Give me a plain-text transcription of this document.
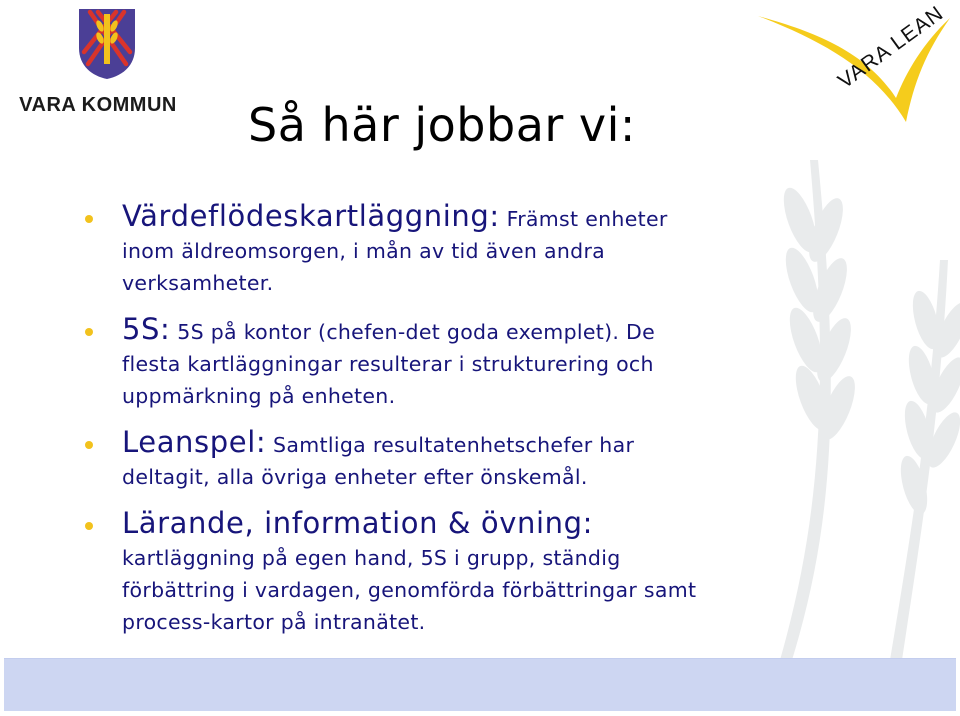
VARA KOMMUN
VARA LEAN
Så här jobbar vi:
Värdeflödeskartläggning: Främst enheter
inom äldreomsorgen, i mån av tid även andra
verksamheter.
5S: 5S på kontor (chefen-det goda exemplet). De
flesta kartläggningar resulterar i strukturering och
uppmärkning på enheten.
Leanspel: Samtliga resultatenhetschefer har
deltagit, alla övriga enheter efter önskemål.
Lärande, information & övning:
kartläggning på egen hand, 5S i grupp, ständig
förbättring i vardagen, genomförda förbättringar samt
process-kartor på intranätet.
